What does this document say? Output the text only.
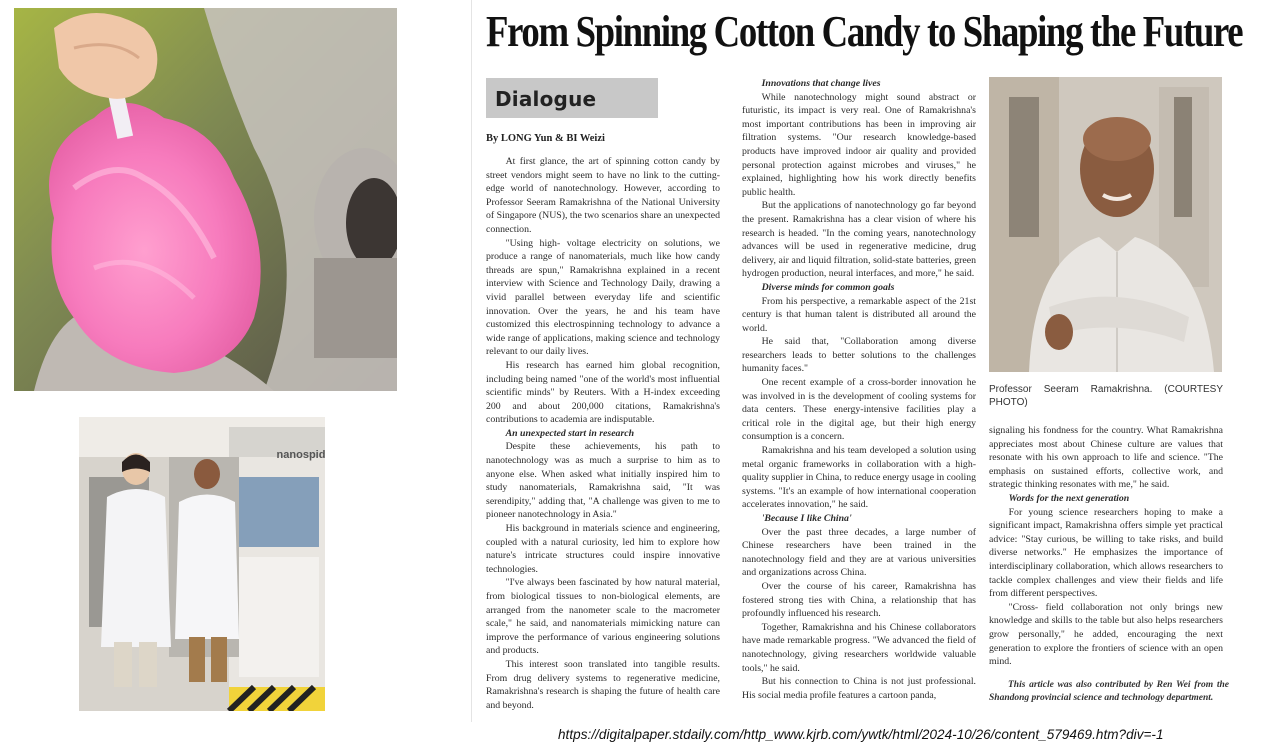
nanospid
From Spinning Cotton Candy to Shaping the Future
Dialogue
By LONG Yun & BI Weizi

At first glance, the art of spinning cotton candy by street vendors might seem to have no link to the cutting-edge world of nanotechnology. However, according to Professor Seeram Ramakrishna of the National University of Singapore (NUS), the two scenarios share an unexpected connection.

"Using high- voltage electricity on solutions, we produce a range of nanomaterials, much like how candy threads are spun," Ramakrishna explained in a recent interview with Science and Technology Daily, drawing a vivid parallel between everyday life and scientific innovation. Over the years, he and his team have customized this electrospinning technology to advance a wide range of applications, making science and technology relevant to our daily lives.

His research has earned him global recognition, including being named "one of the world's most influential scientific minds" by Reuters. With a H-index exceeding 200 and about 200,000 citations, Ramakrishna's contributions to academia are indisputable.

An unexpected start in research

Despite these achievements, his path to nanotechnology was as much a surprise to him as to anyone else. When asked what initially inspired him to study nanomaterials, Ramakrishna said, "It was serendipity," adding that, "A challenge was given to me to pioneer nanotechnology in Asia."

His background in materials science and engineering, coupled with a natural curiosity, led him to explore how nature's intricate structures could inspire innovative technologies.

"I've always been fascinated by how natural material, from biological tissues to non-biological elements, are arranged from the nanometer scale to the macrometer scale," he said, and nanomaterials mimicking nature can improve the performance of various engineering solutions and products.

This interest soon translated into tangible results. From drug delivery systems to regenerative medicine, Ramakrishna's research is shaping the future of health care and beyond.

Innovations that change lives

While nanotechnology might sound abstract or futuristic, its impact is very real. One of Ramakrishna's most important contributions has been in improving air filtration systems. "Our research knowledge-based products have improved indoor air quality and provided personal protection against microbes and viruses," he explained, highlighting how his work directly benefits public health.

But the applications of nanotechnology go far beyond the present. Ramakrishna has a clear vision of where his research is headed. "In the coming years, nanotechnology advances will be used in regenerative medicine, drug delivery, air and liquid filtration, solid-state batteries, green hydrogen production, neural interfaces, and more," he said.

Diverse minds for common goals

From his perspective, a remarkable aspect of the 21st century is that human talent is distributed all around the world.

He said that, "Collaboration among diverse researchers leads to better solutions to the challenges humanity faces."

One recent example of a cross-border innovation he was involved in is the development of cooling systems for data centers. These energy-intensive facilities play a critical role in the digital age, but their high energy consumption is a concern.

Ramakrishna and his team developed a solution using metal organic frameworks in collaboration with a high-quality supplier in China, to reduce energy usage in cooling systems. "It's an example of how international cooperation accelerates innovation," he said.

'Because I like China'

Over the past three decades, a large number of Chinese researchers have been trained in the nanotechnology field and they are at various universities and organizations across China.

Over the course of his career, Ramakrishna has fostered strong ties with China, a relationship that has profoundly influenced his research.

Together, Ramakrishna and his Chinese collaborators have made remarkable progress. "We advanced the field of nanotechnology, giving researchers worldwide valuable tools," he said.

But his connection to China is not just professional. His social media profile features a cartoon panda,

Professor Seeram Ramakrishna. (COURTESY PHOTO)

signaling his fondness for the country. What Ramakrishna appreciates most about Chinese culture are values that resonate with his own approach to life and science. "The emphasis on sustained efforts, collective work, and strategic thinking resonates with me," he said.

Words for the next generation

For young science researchers hoping to make a significant impact, Ramakrishna offers simple yet practical advice: "Stay curious, be willing to take risks, and build diverse networks." He emphasizes the importance of interdisciplinary collaboration, which allows researchers to tackle complex challenges and view their fields and life from different perspectives.

"Cross- field collaboration not only brings new knowledge and skills to the table but also helps researchers grow personally," he added, encouraging the next generation to explore the frontiers of science with an open mind.

This article was also contributed by Ren Wei from the Shandong provincial science and technology department.
https://digitalpaper.stdaily.com/http_www.kjrb.com/ywtk/html/2024-10/26/content_579469.htm?div=-1
